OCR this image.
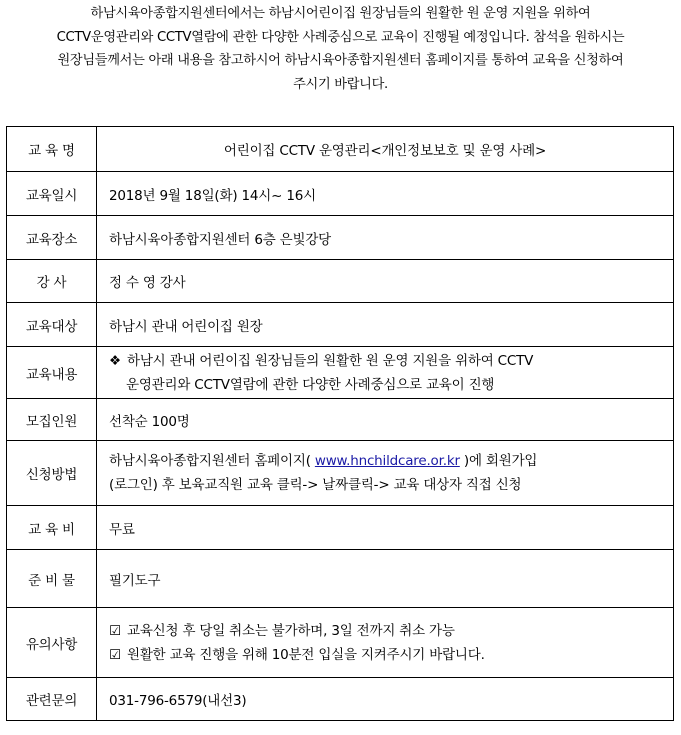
하남시육아종합지원센터에서는 하남시어린이집 원장님들의 원활한 원 운영 지원을 위하여
CCTV운영관리와 CCTV열람에 관한 다양한 사례중심으로 교육이 진행될 예정입니다. 참석을 원하시는
원장님들께서는 아래 내용을 참고하시어 하남시육아종합지원센터 홈페이지를 통하여 교육을 신청하여
주시기 바랍니다.
교 육 명	어린이집 CCTV 운영관리<개인정보보호 및 운영 사례>
교육일시	2018년 9월 18일(화) 14시~ 16시
교육장소	하남시육아종합지원센터 6층 은빛강당
강 사	정 수 영 강사
교육대상	하남시 관내 어린이집 원장
교육내용	❖ 하남시 관내 어린이집 원장님들의 원활한 원 운영 지원을 위하여 CCTV
운영관리와 CCTV열람에 관한 다양한 사례중심으로 교육이 진행

모집인원	선착순 100명
신청방법	하남시육아종합지원센터 홈페이지( www.hnchildcare.or.kr )에 회원가입
(로그인) 후 보육교직원 교육 클릭-> 날짜클릭-> 교육 대상자 직접 신청

교 육 비	무료
준 비 물	필기도구
유의사항	☑ 교육신청 후 당일 취소는 불가하며, 3일 전까지 취소 가능
☑ 원활한 교육 진행을 위해 10분전 입실을 지켜주시기 바랍니다.

관련문의	031-796-6579(내선3)
